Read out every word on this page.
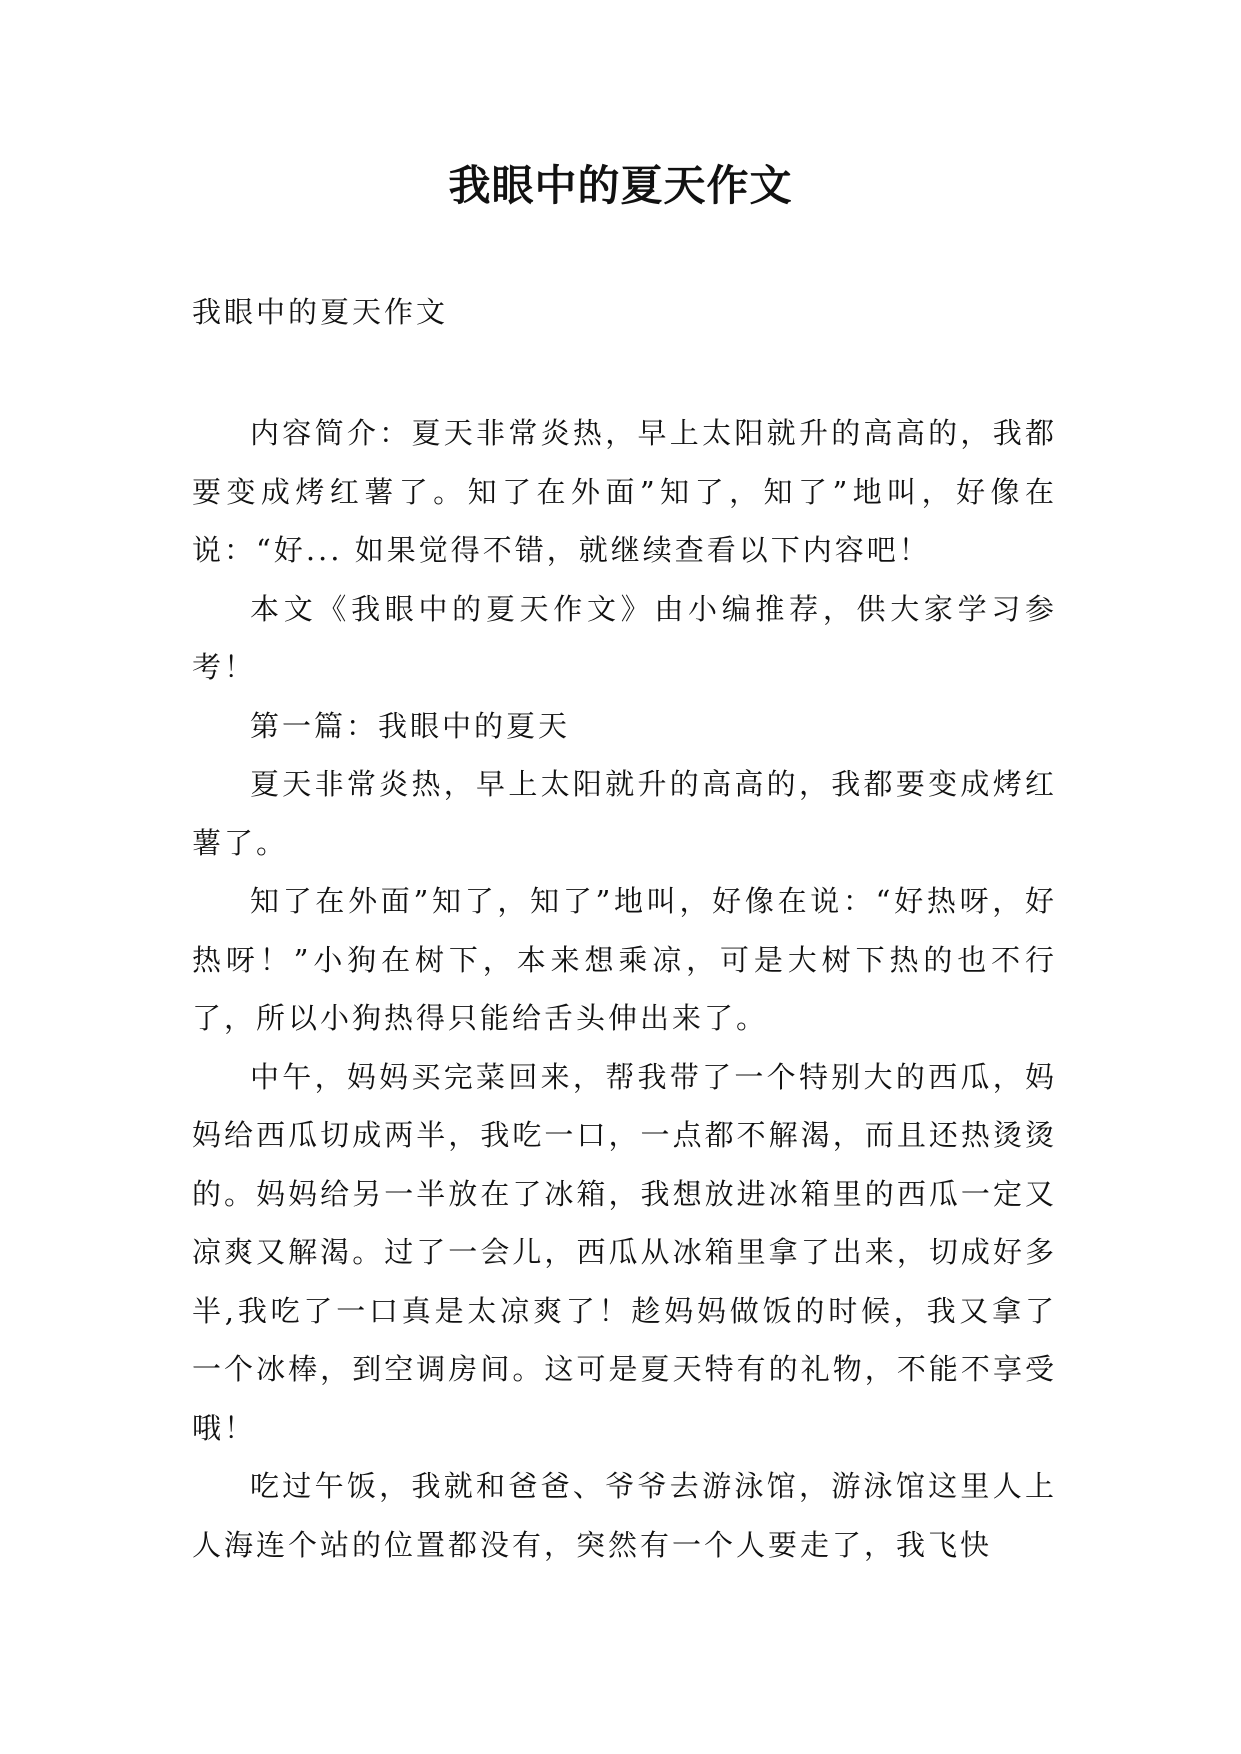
我眼中的夏天作文
我眼中的夏天作文

内容简介：夏天非常炎热，早上太阳就升的高高的，我都要变成烤红薯了。知了在外面”知了，知了”地叫，好像在说：“好... 如果觉得不错，就继续查看以下内容吧！

本文《我眼中的夏天作文》由小编推荐，供大家学习参考！

第一篇：我眼中的夏天

夏天非常炎热，早上太阳就升的高高的，我都要变成烤红薯了。

知了在外面”知了，知了”地叫，好像在说：“好热呀，好热呀！”小狗在树下，本来想乘凉，可是大树下热的也不行了，所以小狗热得只能给舌头伸出来了。

中午，妈妈买完菜回来，帮我带了一个特别大的西瓜，妈妈给西瓜切成两半，我吃一口，一点都不解渴，而且还热烫烫的。妈妈给另一半放在了冰箱，我想放进冰箱里的西瓜一定又凉爽又解渴。过了一会儿，西瓜从冰箱里拿了出来，切成好多半,我吃了一口真是太凉爽了！趁妈妈做饭的时候，我又拿了一个冰棒，到空调房间。这可是夏天特有的礼物，不能不享受哦！

吃过午饭，我就和爸爸、爷爷去游泳馆，游泳馆这里人上人海连个站的位置都没有，突然有一个人要走了，我飞快
